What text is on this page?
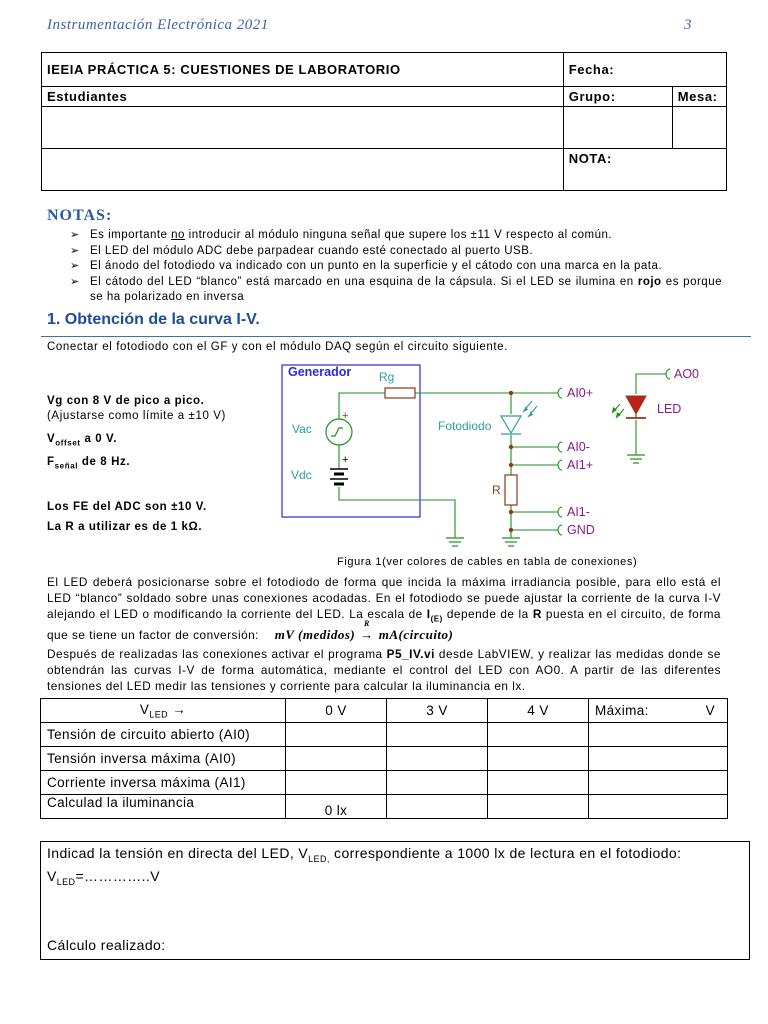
Instrumentación Electrónica 2021	3
IEEIA PRÁCTICA 5: CUESTIONES DE LABORATORIO	Fecha:	
Estudiantes	Grupo:	Mesa:

	NOTA:	
NOTAS:
➢ Es importante no introducir al módulo ninguna señal que supere los ±11 V respecto al común.
➢ El LED del módulo ADC debe parpadear cuando esté conectado al puerto USB.
➢ El ánodo del fotodiodo va indicado con un punto en la superficie y el cátodo con una marca en la pata.
➢ El cátodo del LED “blanco” está marcado en una esquina de la cápsula. Si el LED se ilumina en rojo es porque se ha polarizado en inversa
1. Obtención de la curva I-V.
Conectar el fotodiodo con el GF y con el módulo DAQ según el circuito siguiente.
Vg con 8 V de pico a pico.
(Ajustarse como límite a ±10 V)
$V_{offset}$ a 0 V.
$F_{señal}$ de 8 Hz.
Los FE del ADC son ±10 V.
La R a utilizar es de 1 kΩ.
Generador Rg
+
Vac
+
Vdc
Fotodiodo
R
AI0+
AI0-
AI1+
AI1-
GND
AO0
LED
Figura 1(ver colores de cables en tabla de conexiones)
El LED deberá posicionarse sobre el fotodiodo de forma que incida la máxima irradiancia posible, para ello está el LED “blanco” soldado sobre unas conexiones acodadas. En el fotodiodo se puede ajustar la corriente de la curva I-V alejando el LED o modificando la corriente del LED. La escala de $I_{(E)}$ depende de la R puesta en el circuito, de forma que se tiene un factor de conversión: mV (medidos)
R
→ mA(circuito)
Después de realizadas las conexiones activar el programa P5_IV.vi desde LabVIEW, y realizar las medidas donde se obtendrán las curvas I-V de forma automática, mediante el control del LED con AO0. A partir de las diferentes tensiones del LED medir las tensiones y corriente para calcular la iluminancia en lx.
$V_{LED}$ →	0 V	3 V	4 V	Máxima: V

Tensión de circuito abierto (AI0)				
Tensión inversa máxima (AI0)				
Corriente inversa máxima (AI1)				
Calculad la iluminancia	0 lx			
Indicad la tensión en directa del LED, $V_{LED,}$ correspondiente a 1000 lx de lectura en el fotodiodo:
$V_{LED}=\dots\dots\dots\dots..V$
Cálculo realizado:
